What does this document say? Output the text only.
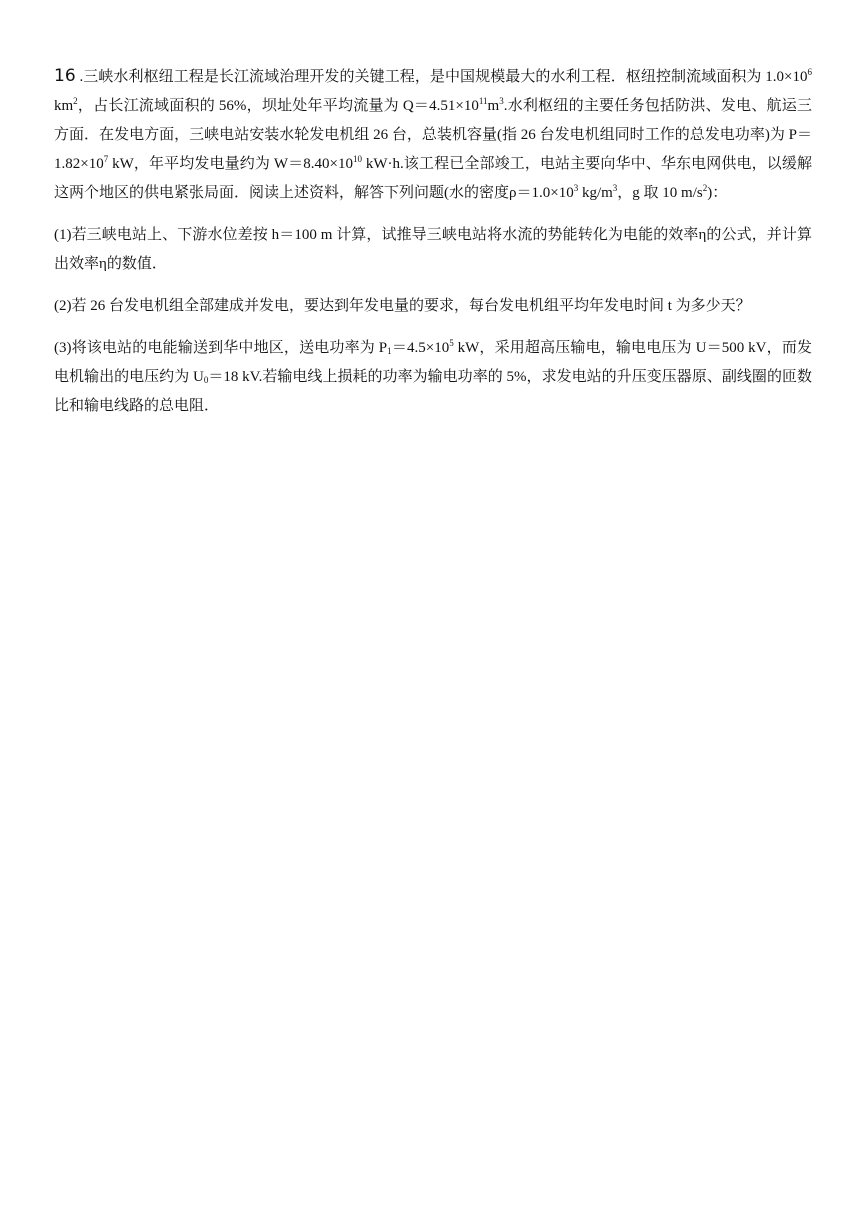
16 .三峡水利枢纽工程是长江流域治理开发的关键工程，是中国规模最大的水利工程．枢纽控制流域面积为 $1.0\times 10^6$ $km^2$，占长江流域面积的 56%，坝址处年平均流量为 $Q=4.51\times 10^{11}m^3$.水利枢纽的主要任务包括防洪、发电、航运三方面．在发电方面，三峡电站安装水轮发电机组 26 台，总装机容量(指 26 台发电机组同时工作的总发电功率)为 $P=1.82\times 10^7$ kW，年平均发电量约为 $W=8.40\times 10^{10}$ kW·h.该工程已全部竣工，电站主要向华中、华东电网供电，以缓解这两个地区的供电紧张局面．阅读上述资料，解答下列问题(水的密度$\rho=1.0\times 10^3$ $kg/m^3$，g 取 10 $m/s^2$)：

(1)若三峡电站上、下游水位差按 h＝100 m 计算，试推导三峡电站将水流的势能转化为电能的效率η的公式，并计算出效率η的数值．

(2)若 26 台发电机组全部建成并发电，要达到年发电量的要求，每台发电机组平均年发电时间 t 为多少天？

(3)将该电站的电能输送到华中地区，送电功率为 $P_1=4.5\times 10^5$ kW，采用超高压输电，输电电压为 U＝500 kV，而发电机输出的电压约为 $U_0=18$ kV.若输电线上损耗的功率为输电功率的 5%，求发电站的升压变压器原、副线圈的匝数比和输电线路的总电阻．
